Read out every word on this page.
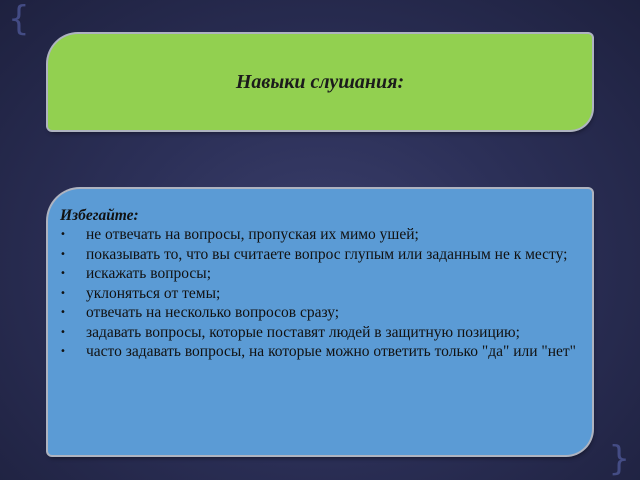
{
}
Навыки слушания:

Избегайте:

• не отвечать на вопросы, пропуская их мимо ушей;
• показывать то, что вы считаете вопрос глупым или заданным не к месту;
• искажать вопросы;
• уклоняться от темы;
• отвечать на несколько вопросов сразу;
• задавать вопросы, которые поставят людей в защитную позицию;
• часто задавать вопросы, на которые можно ответить только "да" или "нет"
